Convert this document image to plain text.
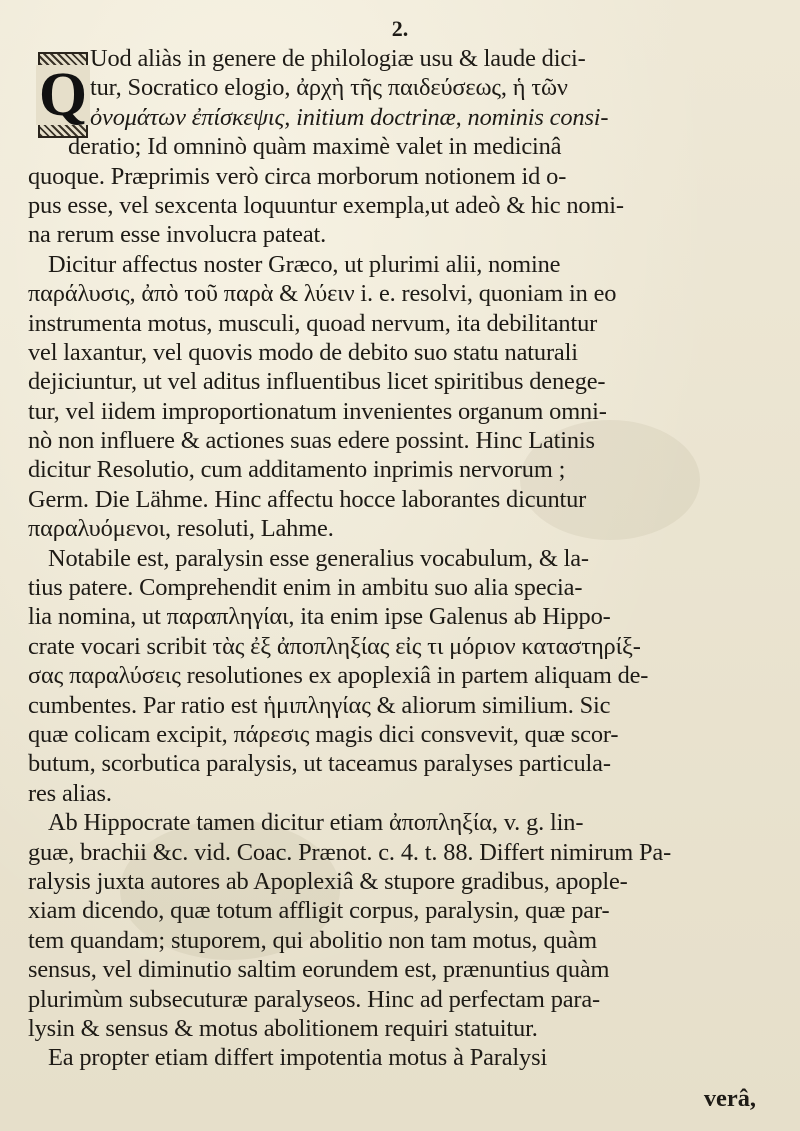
2.
Q
Uod aliàs in genere de philologiæ usu & laude dici-
tur, Socratico elogio, ἀρχὴ τῆς παιδεύσεως, ἡ τῶν
ὀνομάτων ἐπίσκεψις, initium doctrinæ, nominis consi-
deratio; Id omninò quàm maximè valet in medicinâ
quoque. Præprimis verò circa morborum notionem id o-
pus esse, vel sexcenta loquuntur exempla,ut adeò & hic nomi-
na rerum esse involucra pateat.
Dicitur affectus noster Græco, ut plurimi alii, nomine
παράλυσις, ἀπὸ τοῦ παρὰ & λύειν i. e. resolvi, quoniam in eo
instrumenta motus, musculi, quoad nervum, ita debilitantur
vel laxantur, vel quovis modo de debito suo statu naturali
dejiciuntur, ut vel aditus influentibus licet spiritibus denege-
tur, vel iidem improportionatum invenientes organum omni-
nò non influere & actiones suas edere possint. Hinc Latinis
dicitur Resolutio, cum additamento inprimis nervorum ;
Germ. Die Lähme. Hinc affectu hocce laborantes dicuntur
παραλυόμενοι, resoluti, Lahme.
Notabile est, paralysin esse generalius vocabulum, & la-
tius patere. Comprehendit enim in ambitu suo alia specia-
lia nomina, ut παραπληγίαι, ita enim ipse Galenus ab Hippo-
crate vocari scribit τὰς ἐξ ἀποπληξίας εἰς τι μόριον καταστηρίξ-
σας παραλύσεις resolutiones ex apoplexiâ in partem aliquam de-
cumbentes. Par ratio est ἡμιπληγίας & aliorum similium. Sic
quæ colicam excipit, πάρεσις magis dici consvevit, quæ scor-
butum, scorbutica paralysis, ut taceamus paralyses particula-
res alias.
Ab Hippocrate tamen dicitur etiam ἀποπληξία, v. g. lin-
guæ, brachii &c. vid. Coac. Prænot. c. 4. t. 88. Differt nimirum Pa-
ralysis juxta autores ab Apoplexiâ & stupore gradibus, apople-
xiam dicendo, quæ totum affligit corpus, paralysin, quæ par-
tem quandam; stuporem, qui abolitio non tam motus, quàm
sensus, vel diminutio saltim eorundem est, prænuntius quàm
plurimùm subsecuturæ paralyseos. Hinc ad perfectam para-
lysin & sensus & motus abolitionem requiri statuitur.
Ea propter etiam differt impotentia motus à Paralysi
verâ,
